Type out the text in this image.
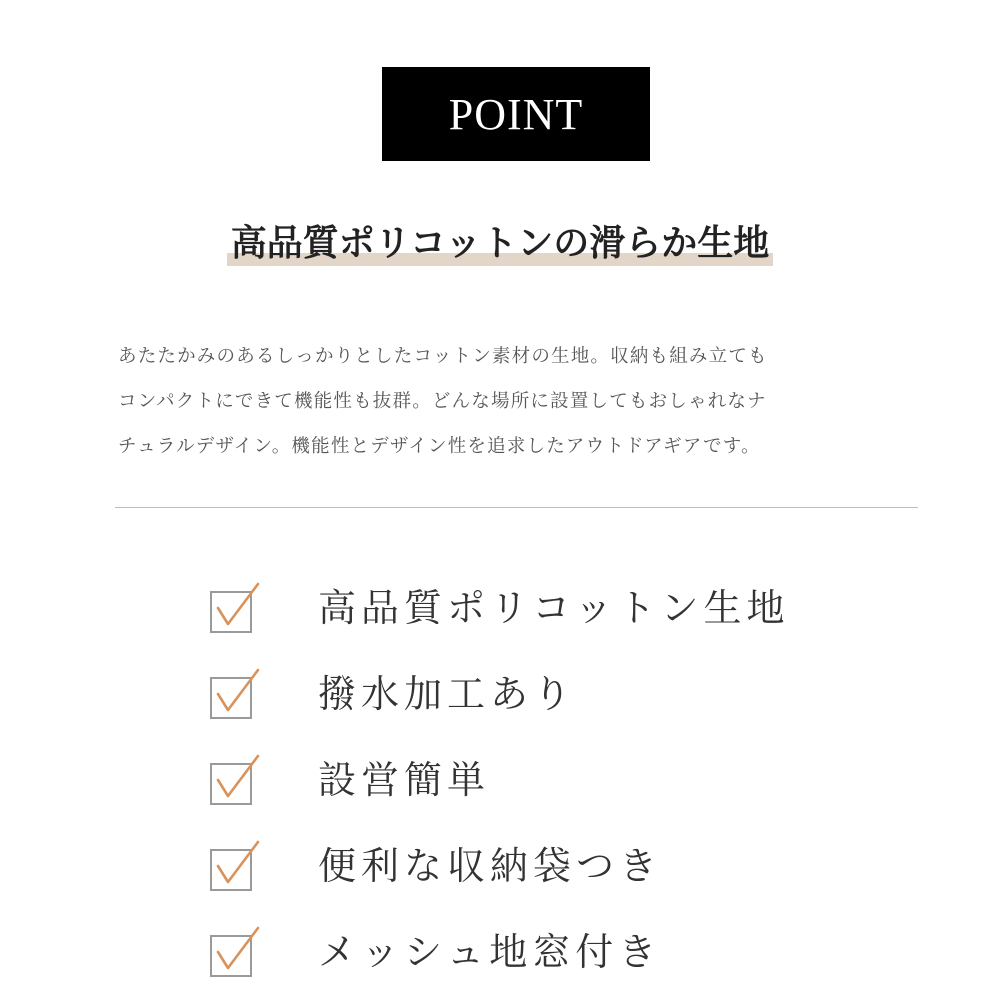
POINT
高品質ポリコットンの滑らか生地
あたたかみのあるしっかりとしたコットン素材の生地。収納も組み立ても
コンパクトにできて機能性も抜群。どんな場所に設置してもおしゃれなナ
チュラルデザイン。機能性とデザイン性を追求したアウトドアギアです。
高品質ポリコットン生地
撥水加工あり
設営簡単
便利な収納袋つき
メッシュ地窓付き
